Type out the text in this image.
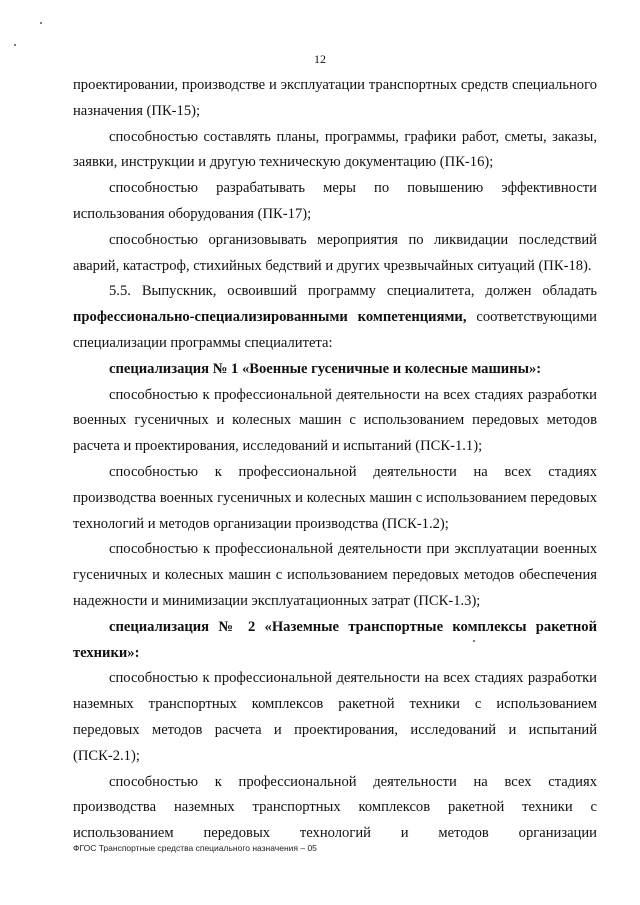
12

проектировании, производстве и эксплуатации транспортных средств специального назначения (ПК-15);

способностью составлять планы, программы, графики работ, сметы, заказы, заявки, инструкции и другую техническую документацию (ПК-16);

способностью разрабатывать меры по повышению эффективности использования оборудования (ПК-17);

способностью организовывать мероприятия по ликвидации последствий аварий, катастроф, стихийных бедствий и других чрезвычайных ситуаций (ПК-18).

5.5. Выпускник, освоивший программу специалитета, должен обладать профессионально-специализированными компетенциями, соответствующими специализации программы специалитета:

специализация № 1 «Военные гусеничные и колесные машины»:

способностью к профессиональной деятельности на всех стадиях разработки военных гусеничных и колесных машин с использованием передовых методов расчета и проектирования, исследований и испытаний (ПСК-1.1);

способностью к профессиональной деятельности на всех стадиях производства военных гусеничных и колесных машин с использованием передовых технологий и методов организации производства (ПСК-1.2);

способностью к профессиональной деятельности при эксплуатации военных гусеничных и колесных машин с использованием передовых методов обеспечения надежности и минимизации эксплуатационных затрат (ПСК-1.3);

специализация № 2 «Наземные транспортные комплексы ракетной техники»:

способностью к профессиональной деятельности на всех стадиях разработки наземных транспортных комплексов ракетной техники с использованием передовых методов расчета и проектирования, исследований и испытаний (ПСК-2.1);

способностью к профессиональной деятельности на всех стадиях производства наземных транспортных комплексов ракетной техники с использованием передовых технологий и методов организации

ФГОС Транспортные средства специального назначения – 05
